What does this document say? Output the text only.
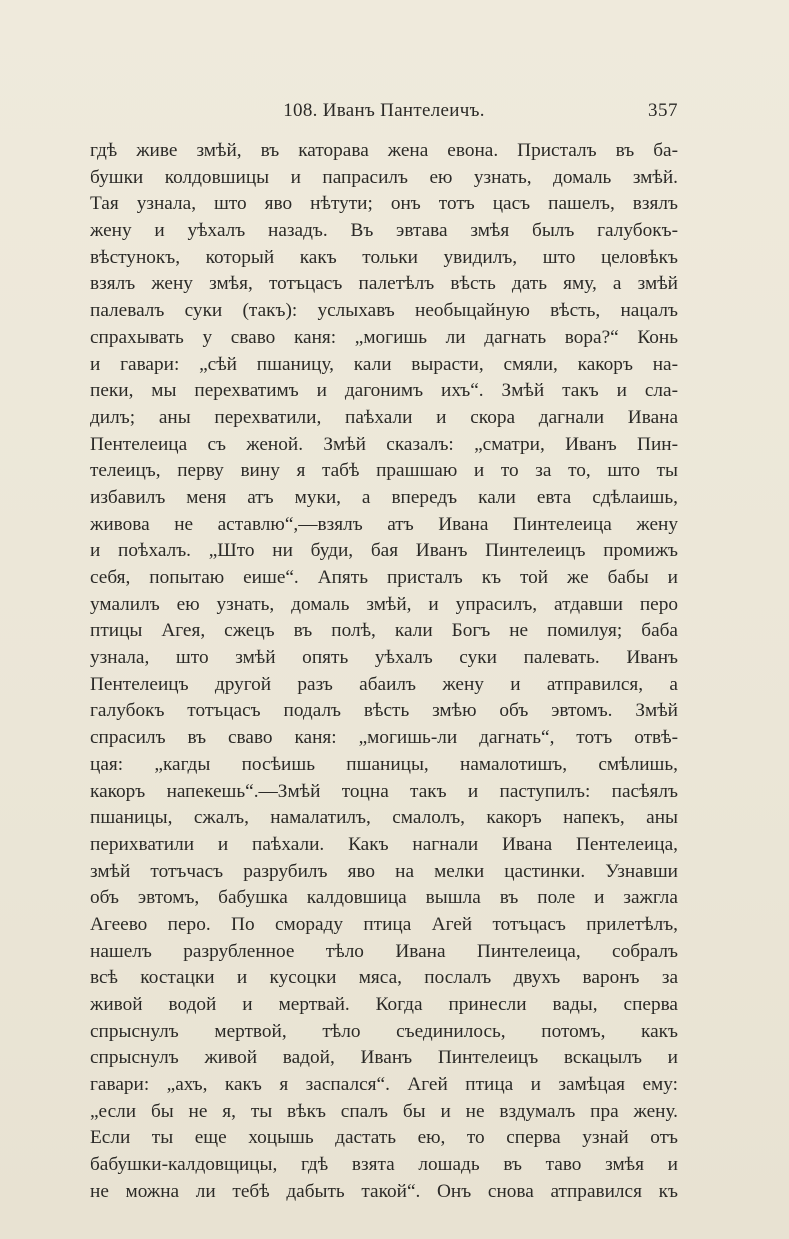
108. Иванъ Пантелеичъ.	357
гдѣ живе змѣй, въ каторава жена евона. Присталъ въ ба-
бушки колдовшицы и папрасилъ ею узнать, домаль змѣй.
Тая узнала, што яво нѣтути; онъ тотъ цасъ пашелъ, взялъ
жену и уѣхалъ назадъ. Въ эвтава змѣя былъ галубокъ-
вѣстунокъ, который какъ тольки увидилъ, што целовѣкъ
взялъ жену змѣя, тотъцасъ палетѣлъ вѣсть дать яму, а змѣй
палевалъ суки (такъ): услыхавъ необыцайную вѣсть, нацалъ
спрахывать у сваво каня: „могишь ли дагнать вора?“ Конь
и гавари: „сѣй пшаницу, кали вырасти, смяли, какоръ на-
пеки, мы перехватимъ и дагонимъ ихъ“. Змѣй такъ и сла-
дилъ; аны перехватили, паѣхали и скора дагнали Ивана
Пентелеица съ женой. Змѣй сказалъ: „сматри, Иванъ Пин-
телеицъ, перву вину я табѣ прашшаю и то за то, што ты
избавилъ меня атъ муки, а впередъ кали евта сдѣлаишь,
живова не аставлю“,—взялъ атъ Ивана Пинтелеица жену
и поѣхалъ. „Што ни буди, бая Иванъ Пинтелеицъ промижъ
себя, попытаю еише“. Апять присталъ къ той же бабы и
умалилъ ею узнать, домаль змѣй, и упрасилъ, атдавши перо
птицы Агея, сжецъ въ полѣ, кали Богъ не помилуя; баба
узнала, што змѣй опять уѣхалъ суки палевать. Иванъ
Пентелеицъ другой разъ абаилъ жену и атправился, а
галубокъ тотъцасъ подалъ вѣсть змѣю объ эвтомъ. Змѣй
спрасилъ въ сваво каня: „могишь-ли дагнать“, тотъ отвѣ-
цая: „кагды посѣишь пшаницы, намалотишъ, смѣлишь,
какоръ напекешь“.—Змѣй тоцна такъ и пaступилъ: пасѣялъ
пшаницы, сжалъ, намалатилъ, смалолъ, какоръ напекъ, аны
перихватили и паѣхали. Какъ нагнали Ивана Пентелеица,
змѣй тотъчасъ разрубилъ яво на мелки цастинки. Узнавши
объ эвтомъ, бабушка калдовшица вышла въ поле и зажгла
Агеево перо. По смораду птица Агей тотъцасъ прилетѣлъ,
нашелъ разрубленное тѣло Ивана Пинтелеица, собралъ
всѣ костацки и кусоцки мяса, послалъ двухъ варонъ за
живой водой и мертвай. Когда принесли вады, сперва
спрыснулъ мертвой, тѣло съединилось, потомъ, какъ
спрыснулъ живой вадой, Иванъ Пинтелеицъ вскацылъ и
гавари: „ахъ, какъ я заспался“. Агей птица и замѣцая ему:
„если бы не я, ты вѣкъ спалъ бы и не вздумалъ пра жену.
Если ты еще хоцышь дастать ею, то сперва узнай отъ
бабушки-калдовщицы, гдѣ взята лошадь въ таво змѣя и
не можна ли тебѣ дабыть такой“. Онъ снова атправился къ
